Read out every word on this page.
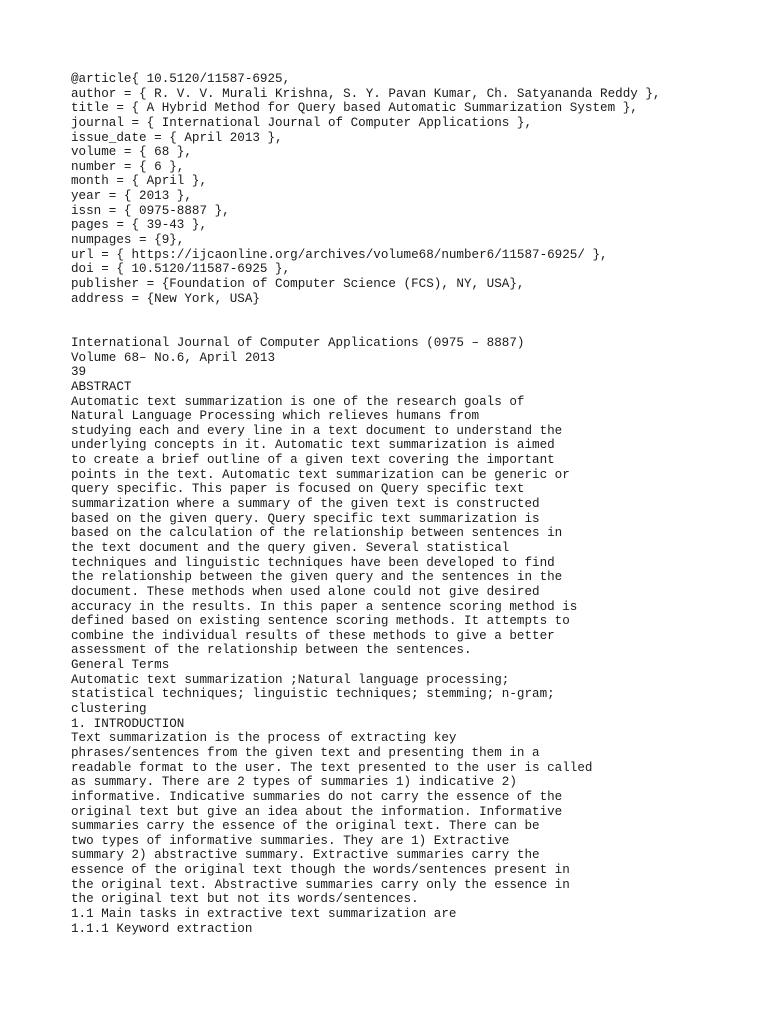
@article{ 10.5120/11587-6925,
author = { R. V. V. Murali Krishna, S. Y. Pavan Kumar, Ch. Satyananda Reddy },
title = { A Hybrid Method for Query based Automatic Summarization System },
journal = { International Journal of Computer Applications },
issue_date = { April 2013 },
volume = { 68 },
number = { 6 },
month = { April },
year = { 2013 },
issn = { 0975-8887 },
pages = { 39-43 },
numpages = {9},
url = { https://ijcaonline.org/archives/volume68/number6/11587-6925/ },
doi = { 10.5120/11587-6925 },
publisher = {Foundation of Computer Science (FCS), NY, USA},
address = {New York, USA}
International Journal of Computer Applications (0975 – 8887)
Volume 68– No.6, April 2013
39
ABSTRACT
Automatic text summarization is one of the research goals of
Natural Language Processing which relieves humans from
studying each and every line in a text document to understand the
underlying concepts in it. Automatic text summarization is aimed
to create a brief outline of a given text covering the important
points in the text. Automatic text summarization can be generic or
query specific. This paper is focused on Query specific text
summarization where a summary of the given text is constructed
based on the given query. Query specific text summarization is
based on the calculation of the relationship between sentences in
the text document and the query given. Several statistical
techniques and linguistic techniques have been developed to find
the relationship between the given query and the sentences in the
document. These methods when used alone could not give desired
accuracy in the results. In this paper a sentence scoring method is
defined based on existing sentence scoring methods. It attempts to
combine the individual results of these methods to give a better
assessment of the relationship between the sentences.
General Terms
Automatic text summarization ;Natural language processing;
statistical techniques; linguistic techniques; stemming; n-gram;
clustering
1. INTRODUCTION
Text summarization is the process of extracting key
phrases/sentences from the given text and presenting them in a
readable format to the user. The text presented to the user is called
as summary. There are 2 types of summaries 1) indicative 2)
informative. Indicative summaries do not carry the essence of the
original text but give an idea about the information. Informative
summaries carry the essence of the original text. There can be
two types of informative summaries. They are 1) Extractive
summary 2) abstractive summary. Extractive summaries carry the
essence of the original text though the words/sentences present in
the original text. Abstractive summaries carry only the essence in
the original text but not its words/sentences.
1.1 Main tasks in extractive text summarization are
1.1.1 Keyword extraction
